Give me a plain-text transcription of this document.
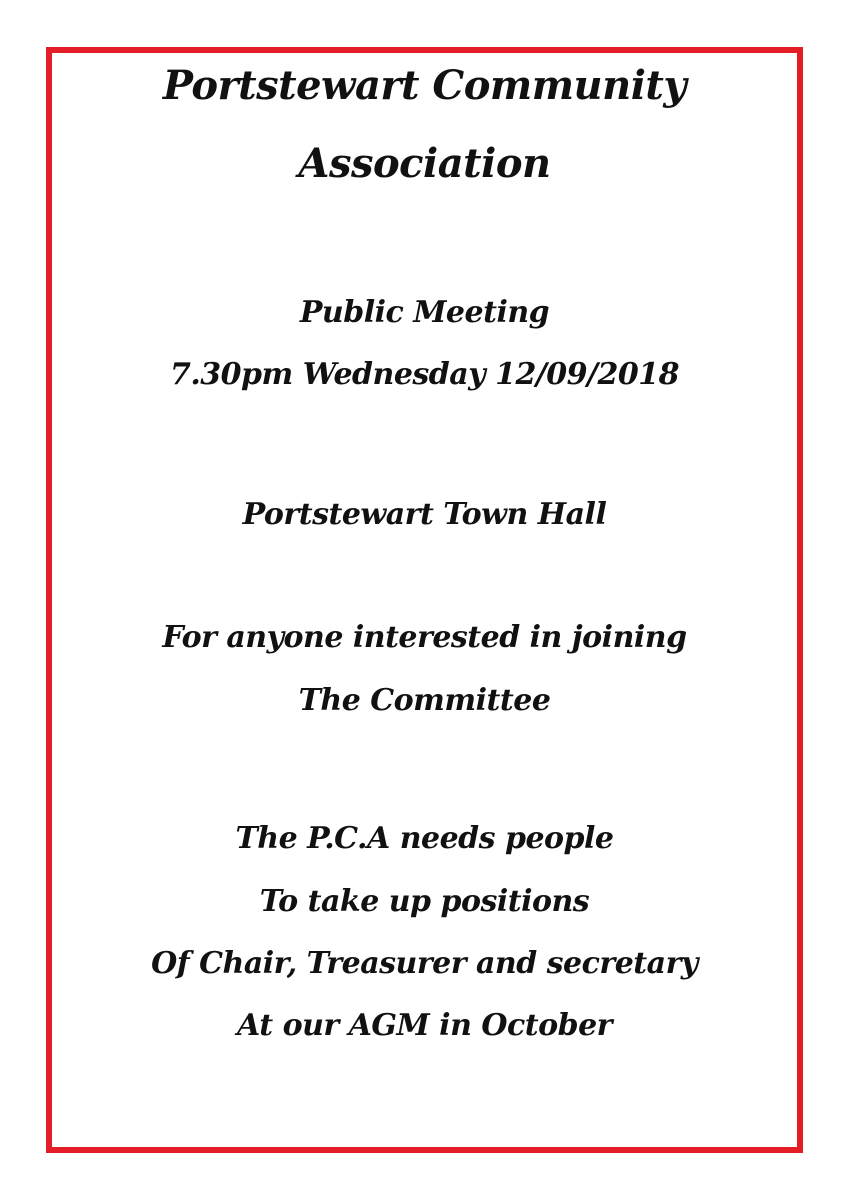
Portstewart Community
Association
Public Meeting
7.30pm Wednesday 12/09/2018
Portstewart Town Hall
For anyone interested in joining
The Committee
The P.C.A needs people
To take up positions
Of Chair, Treasurer and secretary
At our AGM in October
